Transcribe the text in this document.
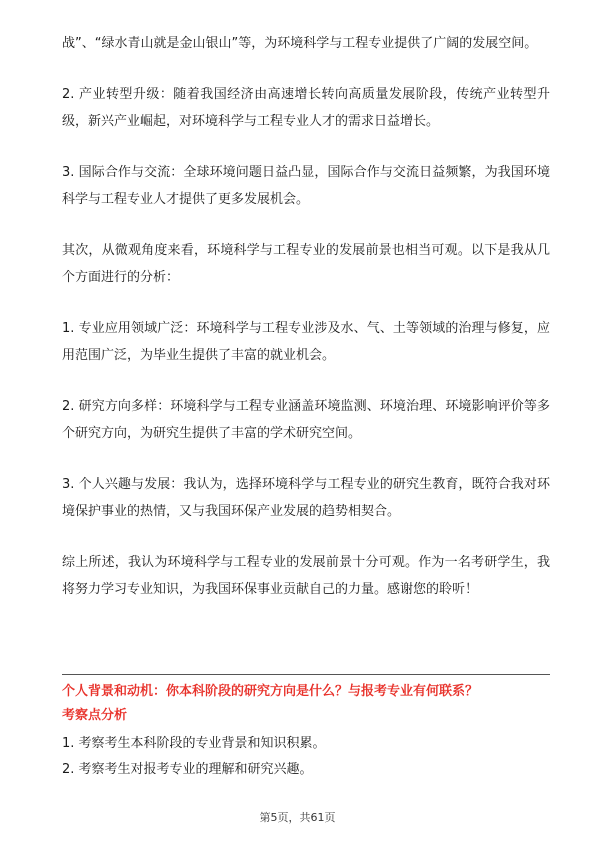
战”、“绿水青山就是金山银山”等，为环境科学与工程专业提供了广阔的发展空间。

2. 产业转型升级：随着我国经济由高速增长转向高质量发展阶段，传统产业转型升级，新兴产业崛起，对环境科学与工程专业人才的需求日益增长。

3. 国际合作与交流：全球环境问题日益凸显，国际合作与交流日益频繁，为我国环境科学与工程专业人才提供了更多发展机会。

其次，从微观角度来看，环境科学与工程专业的发展前景也相当可观。以下是我从几个方面进行的分析：

1. 专业应用领域广泛：环境科学与工程专业涉及水、气、土等领域的治理与修复，应用范围广泛，为毕业生提供了丰富的就业机会。

2. 研究方向多样：环境科学与工程专业涵盖环境监测、环境治理、环境影响评价等多个研究方向，为研究生提供了丰富的学术研究空间。

3. 个人兴趣与发展：我认为，选择环境科学与工程专业的研究生教育，既符合我对环境保护事业的热情，又与我国环保产业发展的趋势相契合。

综上所述，我认为环境科学与工程专业的发展前景十分可观。作为一名考研学生，我将努力学习专业知识，为我国环保事业贡献自己的力量。感谢您的聆听！

个人背景和动机：你本科阶段的研究方向是什么？与报考专业有何联系？
考察点分析

1. 考察考生本科阶段的专业背景和知识积累。

2. 考察考生对报考专业的理解和研究兴趣。

第5页，共61页
